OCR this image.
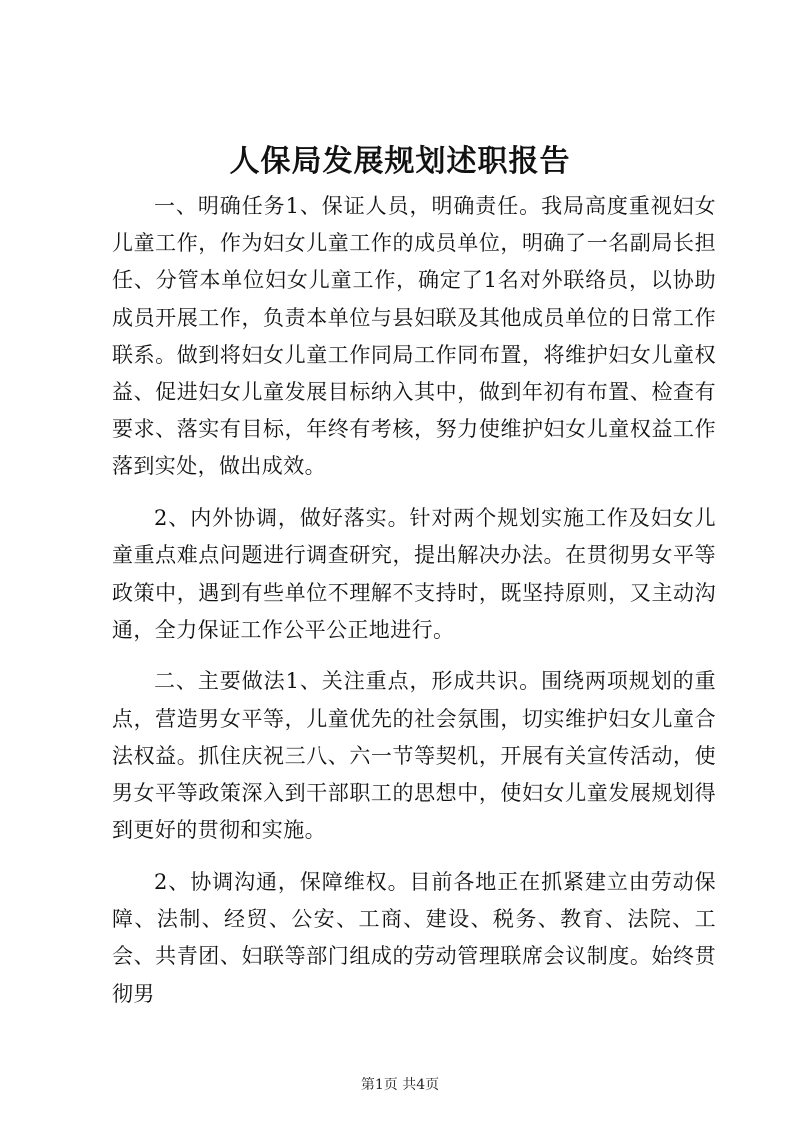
人保局发展规划述职报告

一、明确任务1、保证人员，明确责任。我局高度重视妇女儿童工作，作为妇女儿童工作的成员单位，明确了一名副局长担任、分管本单位妇女儿童工作，确定了1名对外联络员，以协助成员开展工作，负责本单位与县妇联及其他成员单位的日常工作联系。做到将妇女儿童工作同局工作同布置，将维护妇女儿童权益、促进妇女儿童发展目标纳入其中，做到年初有布置、检查有要求、落实有目标，年终有考核，努力使维护妇女儿童权益工作落到实处，做出成效。

2、内外协调，做好落实。针对两个规划实施工作及妇女儿童重点难点问题进行调查研究，提出解决办法。在贯彻男女平等政策中，遇到有些单位不理解不支持时，既坚持原则，又主动沟通，全力保证工作公平公正地进行。

二、主要做法1、关注重点，形成共识。围绕两项规划的重点，营造男女平等，儿童优先的社会氛围，切实维护妇女儿童合法权益。抓住庆祝三八、六一节等契机，开展有关宣传活动，使男女平等政策深入到干部职工的思想中，使妇女儿童发展规划得到更好的贯彻和实施。

2、协调沟通，保障维权。目前各地正在抓紧建立由劳动保障、法制、经贸、公安、工商、建设、税务、教育、法院、工会、共青团、妇联等部门组成的劳动管理联席会议制度。始终贯彻男

第1页 共4页
